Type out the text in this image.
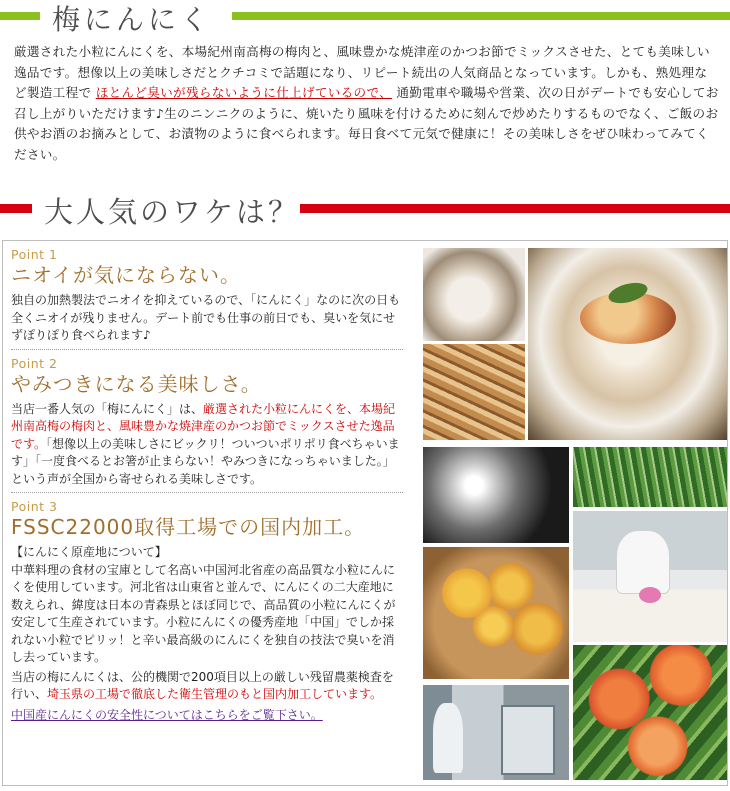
梅にんにく

厳選された小粒にんにくを、本場紀州南高梅の梅肉と、風味豊かな焼津産のかつお節でミックスさせた、とても美味しい逸品です。想像以上の美味しさだとクチコミで話題になり、リピート続出の人気商品となっています。しかも、熟処理など製造工程で ほとんど臭いが残らないように仕上げているので、 通勤電車や職場や営業、次の日がデートでも安心してお召し上がりいただけます♪生のニンニクのように、焼いたり風味を付けるために刻んで炒めたりするものでなく、ご飯のお供やお酒のお摘みとして、お漬物のように食べられます。毎日食べて元気で健康に！その美味しさをぜひ味わってみてください。

大人気のワケは？
Point 1
ニオイが気にならない。

独自の加熱製法でニオイを抑えているので、「にんにく」なのに次の日も全くニオイが残りません。デート前でも仕事の前日でも、臭いを気にせずぽりぽり食べられます♪

Point 2
やみつきになる美味しさ。

当店一番人気の「梅にんにく」は、厳選された小粒にんにくを、本場紀州南高梅の梅肉と、風味豊かな焼津産のかつお節でミックスさせた逸品です。「想像以上の美味しさにビックリ！ついついポリポリ食べちゃいます」「一度食べるとお箸が止まらない！やみつきになっちゃいました。」という声が全国から寄せられる美味しさです。

Point 3
FSSC22000取得工場での国内加工。

【にんにく原産地について】

中華料理の食材の宝庫として名高い中国河北省産の高品質な小粒にんにくを使用しています。河北省は山東省と並んで、にんにくの二大産地に数えられ、緯度は日本の青森県とほぼ同じで、高品質の小粒にんにくが安定して生産されています。小粒にんにくの優秀産地「中国」でしか採れない小粒でピリッ！と辛い最高級のにんにくを独自の技法で臭いを消し去っています。

当店の梅にんにくは、公的機関で200項目以上の厳しい残留農薬検査を行い、埼玉県の工場で徹底した衛生管理のもと国内加工しています。

中国産にんにくの安全性についてはこちらをご覧下さい。
